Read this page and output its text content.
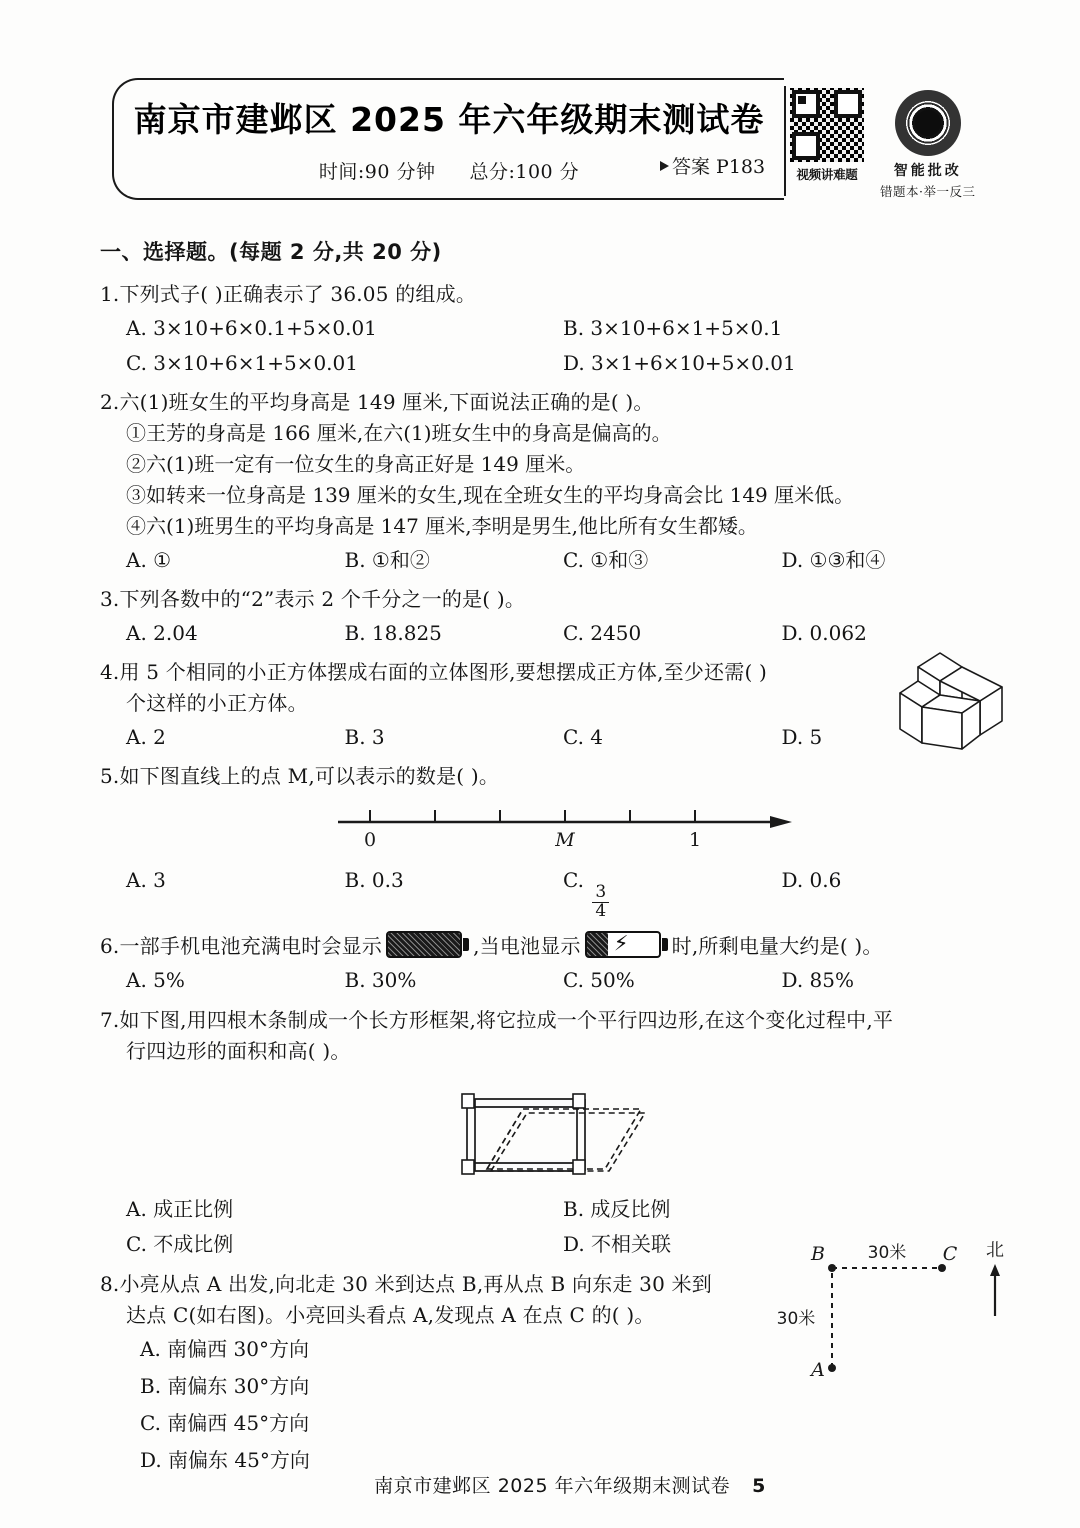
南京市建邺区 2025 年六年级期末测试卷
时间:90 分钟 总分:100 分	答案 P183	视频讲难题	智能批改
错题本·举一反三
一、选择题。(每题 2 分,共 20 分)
1.下列式子( )正确表示了 36.05 的组成。
A. 3×10+6×0.1+5×0.01	B. 3×10+6×1+5×0.1
C. 3×10+6×1+5×0.01	D. 3×1+6×10+5×0.01
2.六(1)班女生的平均身高是 149 厘米,下面说法正确的是( )。
①王芳的身高是 166 厘米,在六(1)班女生中的身高是偏高的。
②六(1)班一定有一位女生的身高正好是 149 厘米。
③如转来一位身高是 139 厘米的女生,现在全班女生的平均身高会比 149 厘米低。
④六(1)班男生的平均身高是 147 厘米,李明是男生,他比所有女生都矮。
A. ①	B. ①和②	C. ①和③	D. ①③和④
3.下列各数中的“2”表示 2 个千分之一的是( )。
A. 2.04	B. 18.825	C. 2450	D. 0.062
4.用 5 个相同的小正方体摆成右面的立体图形,要想摆成正方体,至少还需( )
个这样的小正方体。
A. 2	B. 3	C. 4	D. 5
5.如下图直线上的点 M,可以表示的数是( )。
0	M	1
A. 3	B. 0.3	C.
$\frac{3}{4}$
D. 0.6
6.一部手机电池充满电时会显示	,当电池显示 ⚡ 时,所剩电量大约是( )。
A. 5%	B. 30%	C. 50%	D. 85%
7.如下图,用四根木条制成一个长方形框架,将它拉成一个平行四边形,在这个变化过程中,平
行四边形的面积和高( )。
A. 成正比例	B. 成反比例
C. 不成比例	D. 不相关联
8.小亮从点 A 出发,向北走 30 米到达点 B,再从点 B 向东走 30 米到
达点 C(如右图)。小亮回头看点 A,发现点 A 在点 C 的( )。
A. 南偏西 30°方向
B. 南偏东 30°方向
C. 南偏西 45°方向
D. 南偏东 45°方向
A
B	C
30米
30米
北
南京市建邺区 2025 年六年级期末测试卷 5
